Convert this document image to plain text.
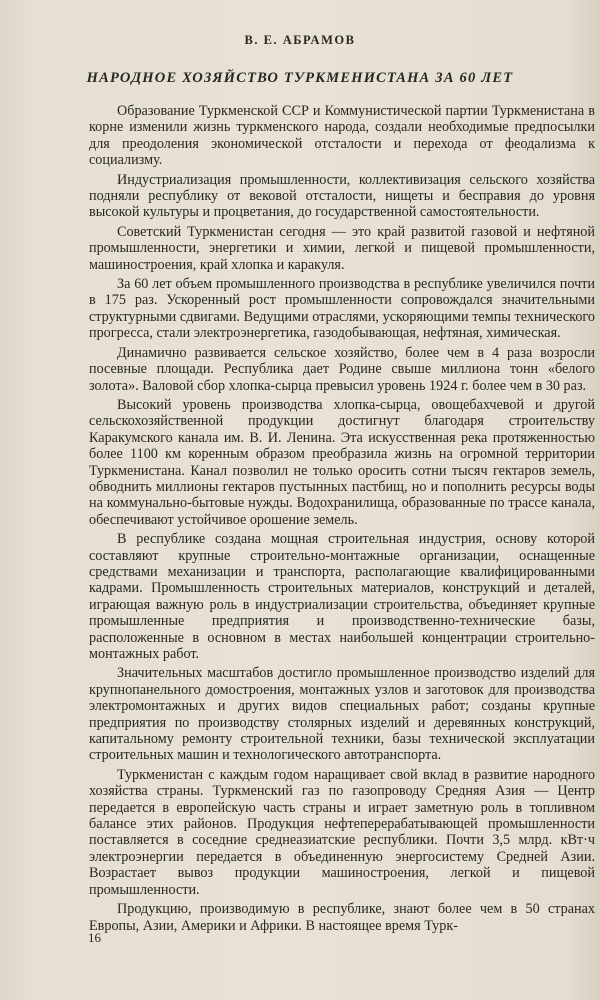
В. Е. АБРАМОВ
НАРОДНОЕ ХОЗЯЙСТВО ТУРКМЕНИСТАНА ЗА 60 ЛЕТ

Образование Туркменской ССР и Коммунистической партии Туркменистана в корне изменили жизнь туркменского народа, создали необходимые предпосылки для преодоления экономической отсталости и перехода от феодализма к социализму.

Индустриализация промышленности, коллективизация сельского хозяйства подняли республику от вековой отсталости, нищеты и бесправия до уровня высокой культуры и процветания, до государственной самостоятельности.

Советский Туркменистан сегодня — это край развитой газовой и нефтяной промышленности, энергетики и химии, легкой и пищевой промышленности, машиностроения, край хлопка и каракуля.

За 60 лет объем промышленного производства в республике увеличился почти в 175 раз. Ускоренный рост промышленности сопровождался значительными структурными сдвигами. Ведущими отраслями, ускоряющими темпы технического прогресса, стали электроэнергетика, газодобывающая, нефтяная, химическая.

Динамично развивается сельское хозяйство, более чем в 4 раза возросли посевные площади. Республика дает Родине свыше миллиона тонн «белого золота». Валовой сбор хлопка-сырца превысил уровень 1924 г. более чем в 30 раз.

Высокий уровень производства хлопка-сырца, овощебахчевой и другой сельскохозяйственной продукции достигнут благодаря строительству Каракумского канала им. В. И. Ленина. Эта искусственная река протяженностью более 1100 км коренным образом преобразила жизнь на огромной территории Туркменистана. Канал позволил не только оросить сотни тысяч гектаров земель, обводнить миллионы гектаров пустынных пастбищ, но и пополнить ресурсы воды на коммунально-бытовые нужды. Водохранилища, образованные по трассе канала, обеспечивают устойчивое орошение земель.

В республике создана мощная строительная индустрия, основу которой составляют крупные строительно-монтажные организации, оснащенные средствами механизации и транспорта, располагающие квалифицированными кадрами. Промышленность строительных материалов, конструкций и деталей, играющая важную роль в индустриализации строительства, объединяет крупные промышленные предприятия и производственно-технические базы, расположенные в основном в местах наибольшей концентрации строительно-монтажных работ.

Значительных масштабов достигло промышленное производство изделий для крупнопанельного домостроения, монтажных узлов и заготовок для производства электромонтажных и других видов специальных работ; созданы крупные предприятия по производству столярных изделий и деревянных конструкций, капитальному ремонту строительной техники, базы технической эксплуатации строительных машин и технологического автотранспорта.

Туркменистан с каждым годом наращивает свой вклад в развитие народного хозяйства страны. Туркменский газ по газопроводу Средняя Азия — Центр передается в европейскую часть страны и играет заметную роль в топливном балансе этих районов. Продукция нефтеперерабатывающей промышленности поставляется в соседние среднеазиатские республики. Почти 3,5 млрд. кВт·ч электроэнергии передается в объединенную энергосистему Средней Азии. Возрастает вывоз продукции машиностроения, легкой и пищевой промышленности.

Продукцию, производимую в республике, знают более чем в 50 странах Европы, Азии, Америки и Африки. В настоящее время Турк-

16
